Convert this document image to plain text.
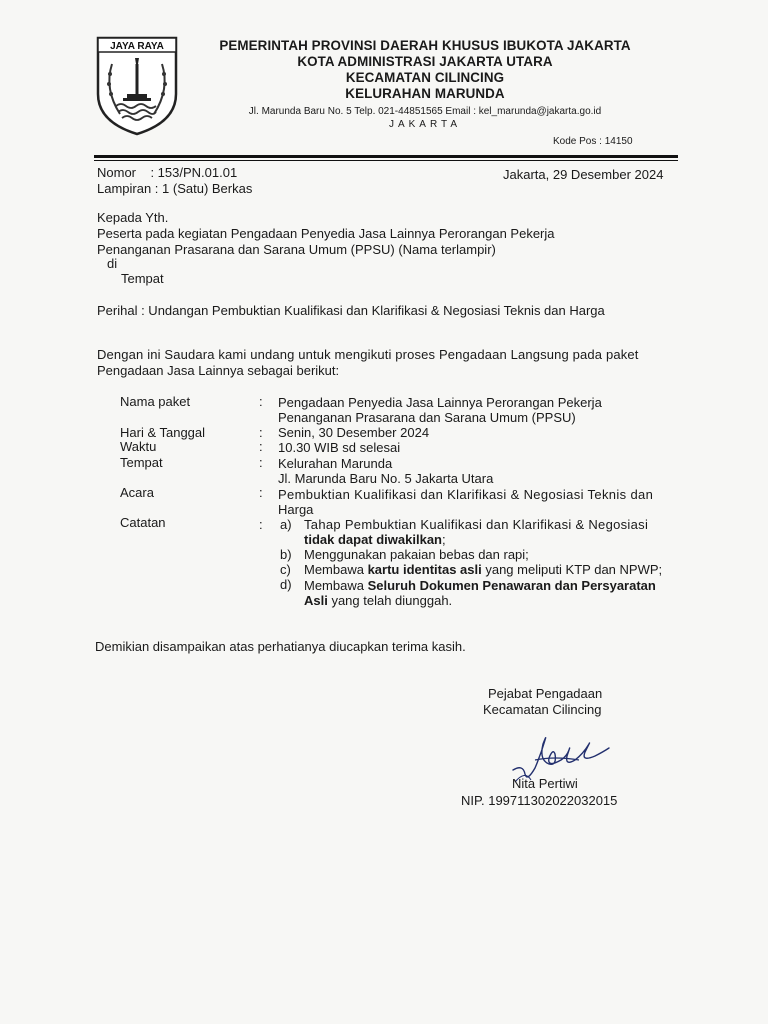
JAYA RAYA	PEMERINTAH PROVINSI DAERAH KHUSUS IBUKOTA JAKARTA
KOTA ADMINISTRASI JAKARTA UTARA
KECAMATAN CILINCING
KELURAHAN MARUNDA
Jl. Marunda Baru No. 5 Telp. 021-44851565 Email : kel_marunda@jakarta.go.id
JAKARTA
Kode Pos : 14150
Nomor    : 153/PN.01.01
Lampiran : 1 (Satu) Berkas
Jakarta, 29 Desember 2024
Kepada Yth.
Peserta pada kegiatan Pengadaan Penyedia Jasa Lainnya Perorangan Pekerja
Penanganan Prasarana dan Sarana Umum (PPSU) (Nama terlampir)
di
Tempat
Perihal : Undangan Pembuktian Kualifikasi dan Klarifikasi & Negosiasi Teknis dan Harga
Dengan ini Saudara kami undang untuk mengikuti proses Pengadaan Langsung pada paket
Pengadaan Jasa Lainnya sebagai berikut:
Nama paket	: Pengadaan Penyedia Jasa Lainnya Perorangan Pekerja
Penanganan Prasarana dan Sarana Umum (PPSU)
Hari & Tanggal	: Senin, 30 Desember 2024
Waktu	: 10.30 WIB sd selesai
Tempat	: Kelurahan Marunda
Jl. Marunda Baru No. 5 Jakarta Utara
Acara	: Pembuktian Kualifikasi dan Klarifikasi & Negosiasi Teknis dan
Harga
Catatan	: a) Tahap Pembuktian Kualifikasi dan Klarifikasi & Negosiasi
tidak dapat diwakilkan;
b) Menggunakan pakaian bebas dan rapi;
c) Membawa kartu identitas asli yang meliputi KTP dan NPWP;
d) Membawa Seluruh Dokumen Penawaran dan Persyaratan
Asli yang telah diunggah.
Demikian disampaikan atas perhatianya diucapkan terima kasih.
Pejabat Pengadaan
Kecamatan Cilincing
Nita Pertiwi
NIP. 199711302022032015
